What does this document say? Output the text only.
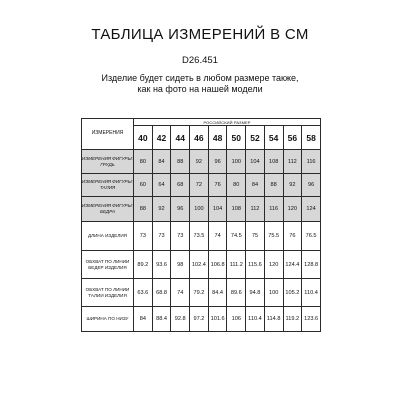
ТАБЛИЦА ИЗМЕРЕНИЙ В СМ
D26.451
Изделие будет сидеть в любом размере также, как на фото на нашей модели
ИЗМЕРЕНИЯ	РОССИЙСКИЙ РАЗМЕР									
	40	42	44	46	48	50	52	54	56	58
ИЗМЕРЕНИЯ ФИГУРЫ: ГРУДЬ	80	84	88	92	96	100	104	108	112	116
ИЗМЕРЕНИЯ ФИГУРЫ: ТАЛИЯ	60	64	68	72	76	80	84	88	92	96
ИЗМЕРЕНИЯ ФИГУРЫ: БЕДРА	88	92	96	100	104	108	112	116	120	124
ДЛИНА ИЗДЕЛИЯ	73	73	73	73.5	74	74.5	75	75.5	76	76.5
ОБХВАТ ПО ЛИНИИ БЕДЕР ИЗДЕЛИЯ	89.2	93.6	98	102.4	106.8	111.2	115.6	120	124.4	128.8
ОБХВАТ ПО ЛИНИИ ТАЛИИ ИЗДЕЛИЯ	63.6	68.8	74	79.2	84.4	89.6	94.8	100	105.2	110.4
ШИРИНА ПО НИЗУ	84	88.4	92.8	97.2	101.6	106	110.4	114.8	119.2	123.6
